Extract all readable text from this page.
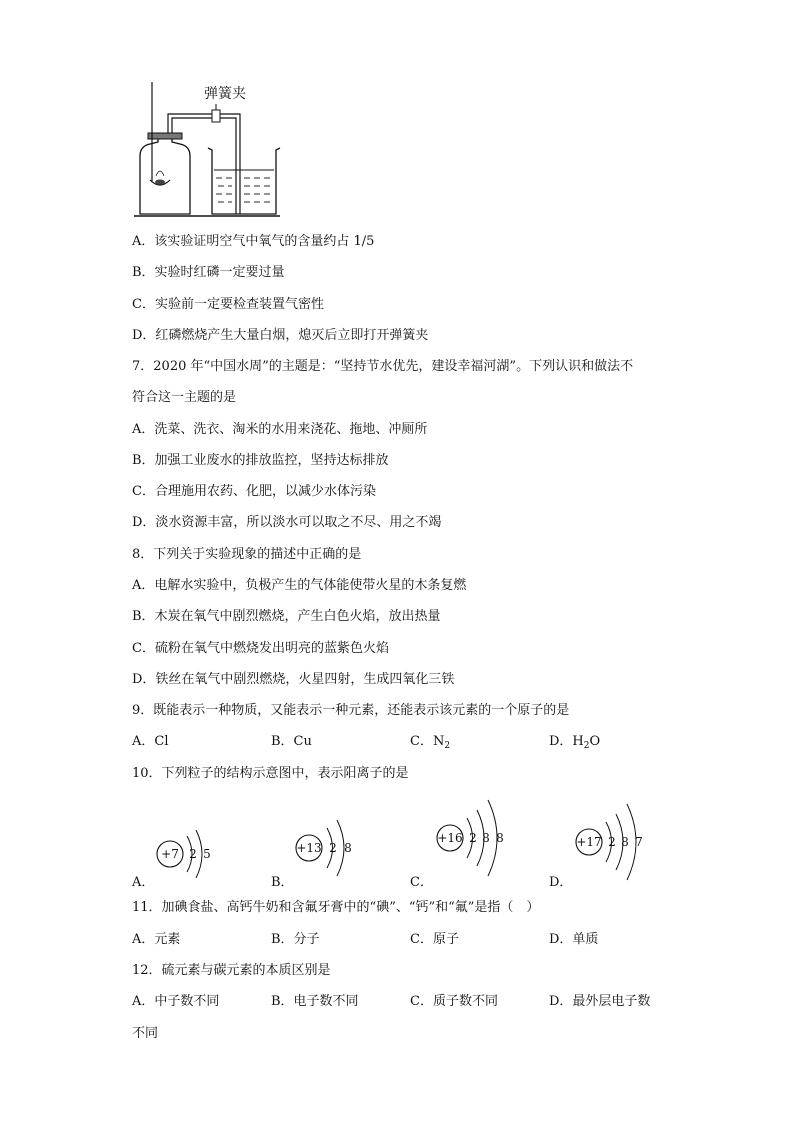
弹簧夹
A．该实验证明空气中氧气的含量约占 1/5
B．实验时红磷一定要过量
C．实验前一定要检查装置气密性
D．红磷燃烧产生大量白烟，熄灭后立即打开弹簧夹
7．2020 年“中国水周”的主题是：“坚持节水优先，建设幸福河湖”。下列认识和做法不
符合这一主题的是
A．洗菜、洗衣、淘米的水用来浇花、拖地、冲厕所
B．加强工业废水的排放监控，坚持达标排放
C．合理施用农药、化肥，以减少水体污染
D．淡水资源丰富，所以淡水可以取之不尽、用之不竭
8．下列关于实验现象的描述中正确的是
A．电解水实验中，负极产生的气体能使带火星的木条复燃
B．木炭在氧气中剧烈燃烧，产生白色火焰，放出热量
C．硫粉在氧气中燃烧发出明亮的蓝紫色火焰
D．铁丝在氧气中剧烈燃烧，火星四射，生成四氧化三铁
9．既能表示一种物质，又能表示一种元素，还能表示该元素的一个原子的是
A．Cl	B．Cu	C．$N_2$	D．$H_2O$
10．下列粒子的结构示意图中，表示阳离子的是
A．
+7 2 5
B．
+13 2 8
C．
+16 2 8 8
D．
+17 2 8 7
11．加碘食盐、高钙牛奶和含氟牙膏中的“碘”、“钙”和“氟”是指（　）
A．元素	B．分子	C．原子	D．单质
12．硫元素与碳元素的本质区别是
A．中子数不同	B．电子数不同	C．质子数不同	D．最外层电子数
不同
